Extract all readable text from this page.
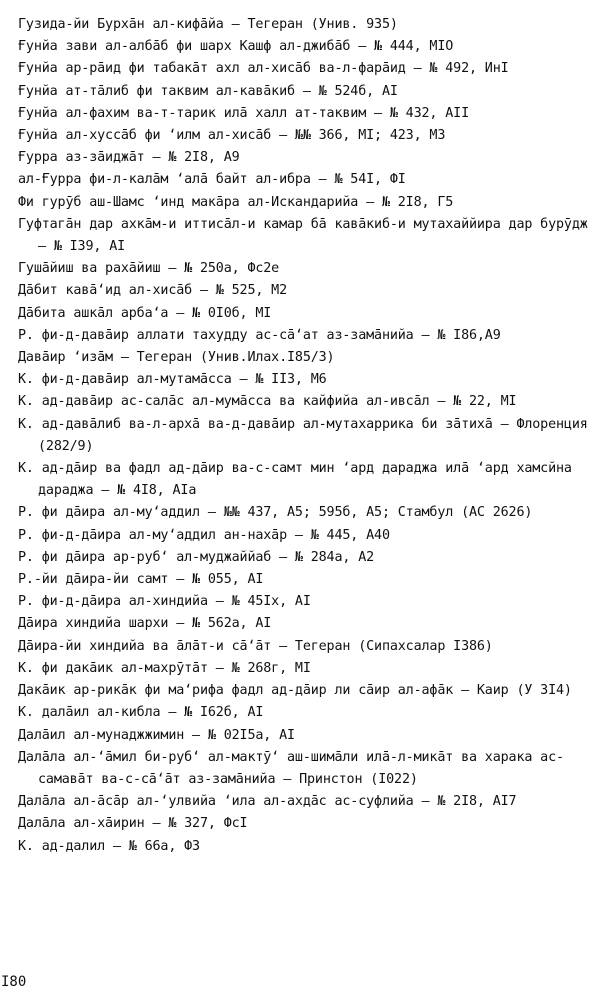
Гузида-йи Бурхāн ал-кифāйа – Тегеран (Унив. 935)
Ғунйа зави ал-албāб фи шарх Кашф ал-джибāб – № 444, MIO
Ғунйа ар-рāид фи табакāт ахл ал-хисāб ва-л-фарāид – № 492, ИнI
Ғунйа ат-тāлиб фи таквим ал-кавāкиб – № 524б, AI
Ғунйа ал-фахим ва-т-тарик илā халл ат-таквим – № 432, AII
Ғунйа ал-хуссāб фи ʻилм ал-хисāб – №№ 366, MI; 423, M3
Ғурра аз-зāиджāт – № 2I8, A9
ал-Ғурра фи-л-калāм ʻалā байт ал-ибра – № 54I, ФI
Фи гурӯб аш-Шамс ʻинд макāра ал-Искандарийа – № 2I8, Г5
Гуфтагāн дар ахкāм-и иттисāл-и камар бā кавāкиб-и мутахаййира дар бурӯдж – № I39, AI
Гушāйиш ва рахāйиш – № 250а, Фс2е
Дāбит кавāʻид ал-хисāб – № 525, M2
Дāбита ашкāл арбаʻа – № 0I0б, MI
Р. фи-д-давāир аллати тахудду ас-сāʻат аз-замāнийа – № I86,A9
Давāир ʻизāм – Тегеран (Унив.Илах.I85/3)
К. фи-д-давāир ал-мутамāсса – № II3, M6
К. ад-давāир ас-салāс ал-мумāсса ва кайфийа ал-ивсāл – № 22, MI
К. ад-давāлиб ва-л-архā ва-д-давāир ал-мутахаррика би зāтихā – Флоренция (282/9)
К. ад-дāир ва фадл ад-дāир ва-с-самт мин ʻард дараджа илā ʻард хамсйна дараджа – № 4I8, AIа
Р. фи дāира ал-муʻаддил – №№ 437, A5; 595б, A5; Стамбул (AC 2626)
Р. фи-д-дāира ал-муʻаддил ан-нахāр – № 445, A40
Р. фи дāира ар-рубʻ ал-муджаййаб – № 284а, A2
Р.-йи дāира-йи самт – № 055, AI
Р. фи-д-дāира ал-хиндийа – № 45Iх, AI
Дāира хиндийа шархи – № 562а, AI
Дāира-йи хиндийа ва āлāт-и сāʻāт – Тегеран (Сипахсалар I386)
К. фи дакāик ал-махрӯтāт – № 268г, MI
Дакāик ар-рикāк фи маʻрифа фадл ад-дāир ли сāир ал-афāк – Каир (У 3I4)
К. далāил ал-кибла – № I62б, AI
Далāил ал-мунаджжимин – № 02I5а, AI
Далāла ал-ʻāмил би-рубʻ ал-мактӯʻ аш-шимāли илā-л-микāт ва харака ас-самавāт ва-с-сāʻāт аз-замāнийа – Принстон (I022)
Далāла ал-āсāр ал-ʻулвийа ʻила ал-ахдāс ас-суфлийа – № 2I8, AI7
Далāла ал-хāирин – № 327, ФсI
К. ад-далил – № 66а, Ф3
I80
